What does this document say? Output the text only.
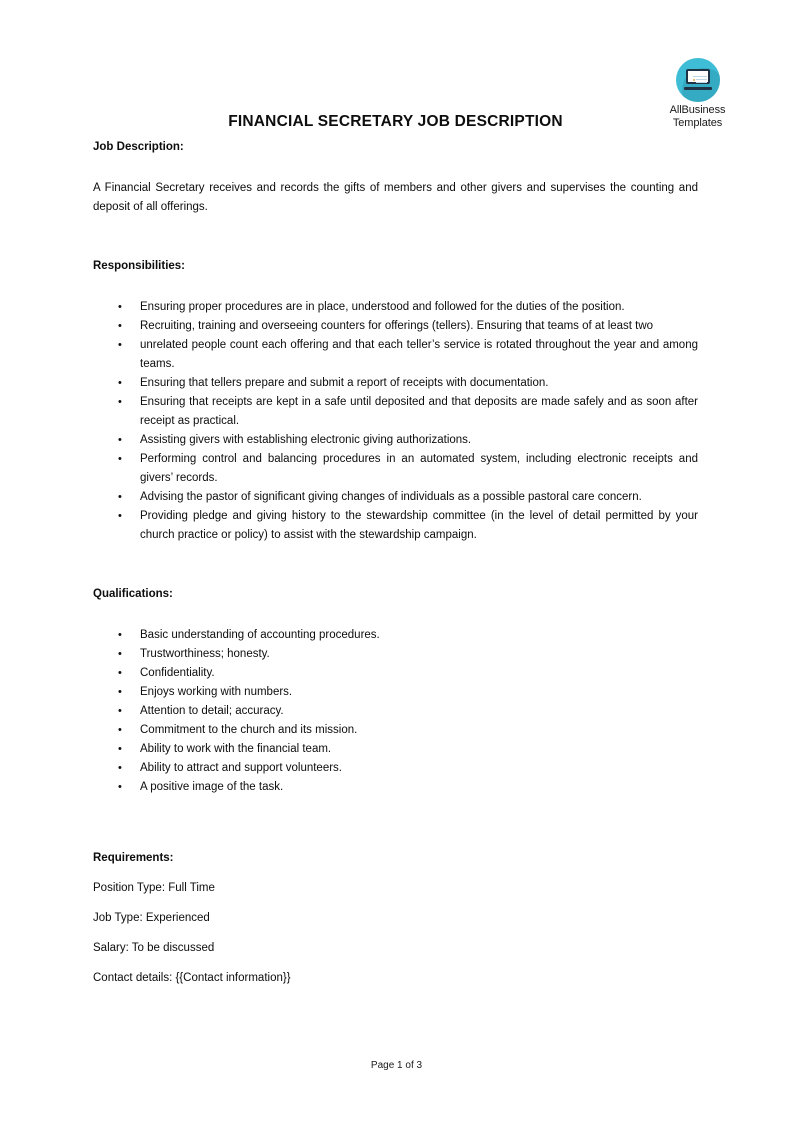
AllBusiness
Templates
FINANCIAL SECRETARY JOB DESCRIPTION
Job Description:
A Financial Secretary receives and records the gifts of members and other givers and supervises the counting and deposit of all offerings.
Responsibilities:
• Ensuring proper procedures are in place, understood and followed for the duties of the position.
• Recruiting, training and overseeing counters for offerings (tellers). Ensuring that teams of at least two
• unrelated people count each offering and that each teller’s service is rotated throughout the year and among teams.
• Ensuring that tellers prepare and submit a report of receipts with documentation.
• Ensuring that receipts are kept in a safe until deposited and that deposits are made safely and as soon after receipt as practical.
• Assisting givers with establishing electronic giving authorizations.
• Performing control and balancing procedures in an automated system, including electronic receipts and givers’ records.
• Advising the pastor of significant giving changes of individuals as a possible pastoral care concern.
• Providing pledge and giving history to the stewardship committee (in the level of detail permitted by your church practice or policy) to assist with the stewardship campaign.
Qualifications:
• Basic understanding of accounting procedures.
• Trustworthiness; honesty.
• Confidentiality.
• Enjoys working with numbers.
• Attention to detail; accuracy.
• Commitment to the church and its mission.
• Ability to work with the financial team.
• Ability to attract and support volunteers.
• A positive image of the task.
Requirements:
Position Type: Full Time
Job Type: Experienced
Salary: To be discussed
Contact details: {{Contact information}}
Page 1 of 3
